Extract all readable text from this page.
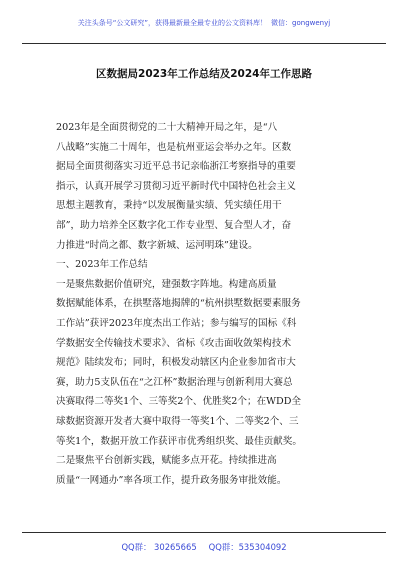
关注头条号“公文研究”，获得最新最全最专业的公文资料库！ 微信：gongwenyj
区数据局2023年工作总结及2024年工作思路
2023年是全面贯彻党的二十大精神开局之年，是“八
八战略”实施二十周年，也是杭州亚运会举办之年。区数
据局全面贯彻落实习近平总书记亲临浙江考察指导的重要
指示，认真开展学习贯彻习近平新时代中国特色社会主义
思想主题教育，秉持“以发展衡量实绩、凭实绩任用干
部”，助力培养全区数字化工作专业型、复合型人才，奋
力推进“时尚之都、数字新城、运河明珠”建设。
一、2023年工作总结
一是聚焦数据价值研究，建强数字阵地。构建高质量
数据赋能体系，在拱墅落地揭牌的“杭州拱墅数据要素服务
工作站”获评2023年度杰出工作站；参与编写的国标《科
学数据安全传输技术要求》、省标《攻击面收敛架构技术
规范》陆续发布；同时，积极发动辖区内企业参加省市大
赛，助力5支队伍在“之江杯”数据治理与创新利用大赛总
决赛取得二等奖1个、三等奖2个、优胜奖2个；在WDD全
球数据资源开发者大赛中取得一等奖1个、二等奖2个、三
等奖1个，数据开放工作获评市优秀组织奖、最佳贡献奖。
二是聚焦平台创新实践，赋能多点开花。持续推进高
质量“一网通办”率各项工作，提升政务服务审批效能。
QQ群： 30265665 QQ群：535304092
